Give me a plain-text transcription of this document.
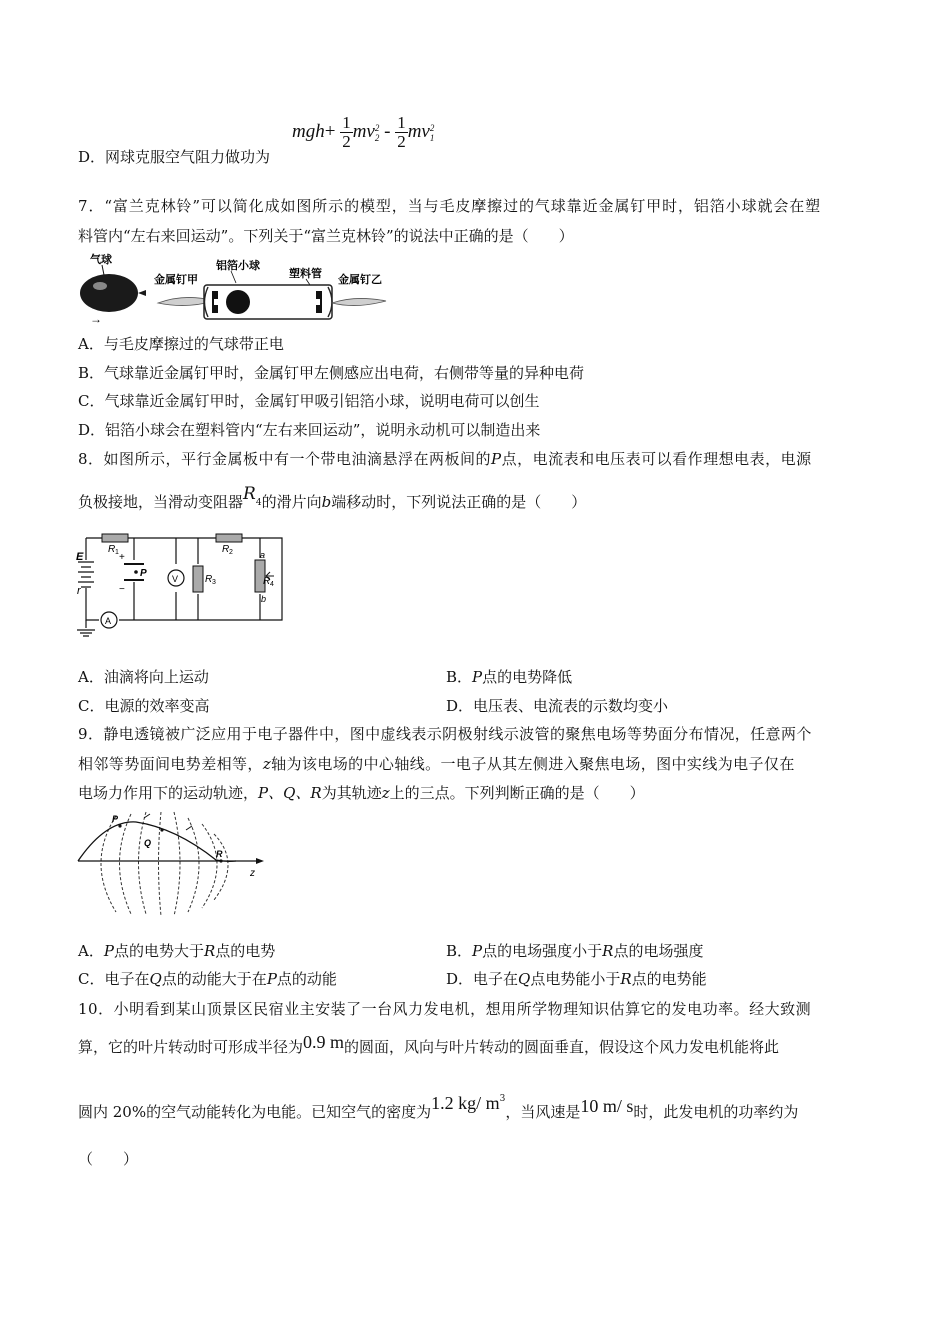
D．网球克服空气阻力做功为
$mgh+ \frac{1}{2}$ mv 2
$2 - \frac{1}{2}$ mv 2
1
7．“富兰克林铃”可以简化成如图所示的模型，当与毛皮摩擦过的气球靠近金属钉甲时，铝箔小球就会在塑
料管内“左右来回运动”。下列关于“富兰克林铃”的说法中正确的是（　　）
气球
→
金属钉甲
铝箔小球
塑料管 金属钉乙
A．与毛皮摩擦过的气球带正电
B．气球靠近金属钉甲时，金属钉甲左侧感应出电荷，右侧带等量的异种电荷
C．气球靠近金属钉甲时，金属钉甲吸引铝箔小球，说明电荷可以创生
D．铝箔小球会在塑料管内“左右来回运动”，说明永动机可以制造出来
8．如图所示，平行金属板中有一个带电油滴悬浮在两板间的P点，电流表和电压表可以看作理想电表，电源
负极接地，当滑动变阻器$R_4$的滑片向b端移动时，下列说法正确的是（　　）
E
r
R 1	R 2
R 3	R 4
a
b
P
+
−
V
A
A．油滴将向上运动	B．P点的电势降低
C．电源的效率变高	D．电压表、电流表的示数均变小
9．静电透镜被广泛应用于电子器件中，图中虚线表示阴极射线示波管的聚焦电场等势面分布情况，任意两个
相邻等势面间电势差相等，z轴为该电场的中心轴线。一电子从其左侧进入聚焦电场，图中实线为电子仅在
电场力作用下的运动轨迹，P、Q、R为其轨迹z上的三点。下列判断正确的是（　　）
P
Q
R
z
A．P点的电势大于R点的电势	B．P点的电场强度小于R点的电场强度
C．电子在Q点的动能大于在P点的动能	D．电子在Q点电势能小于R点的电势能
10．小明看到某山顶景区民宿业主安装了一台风力发电机，想用所学物理知识估算它的发电功率。经大致测
算，它的叶片转动时可形成半径为0.9 m的圆面，风向与叶片转动的圆面垂直，假设这个风力发电机能将此
圆内 20%的空气动能转化为电能。已知空气的密度为1.2 kg/ $m^3$，当风速是10 m/ s时，此发电机的功率约为
（　　）
